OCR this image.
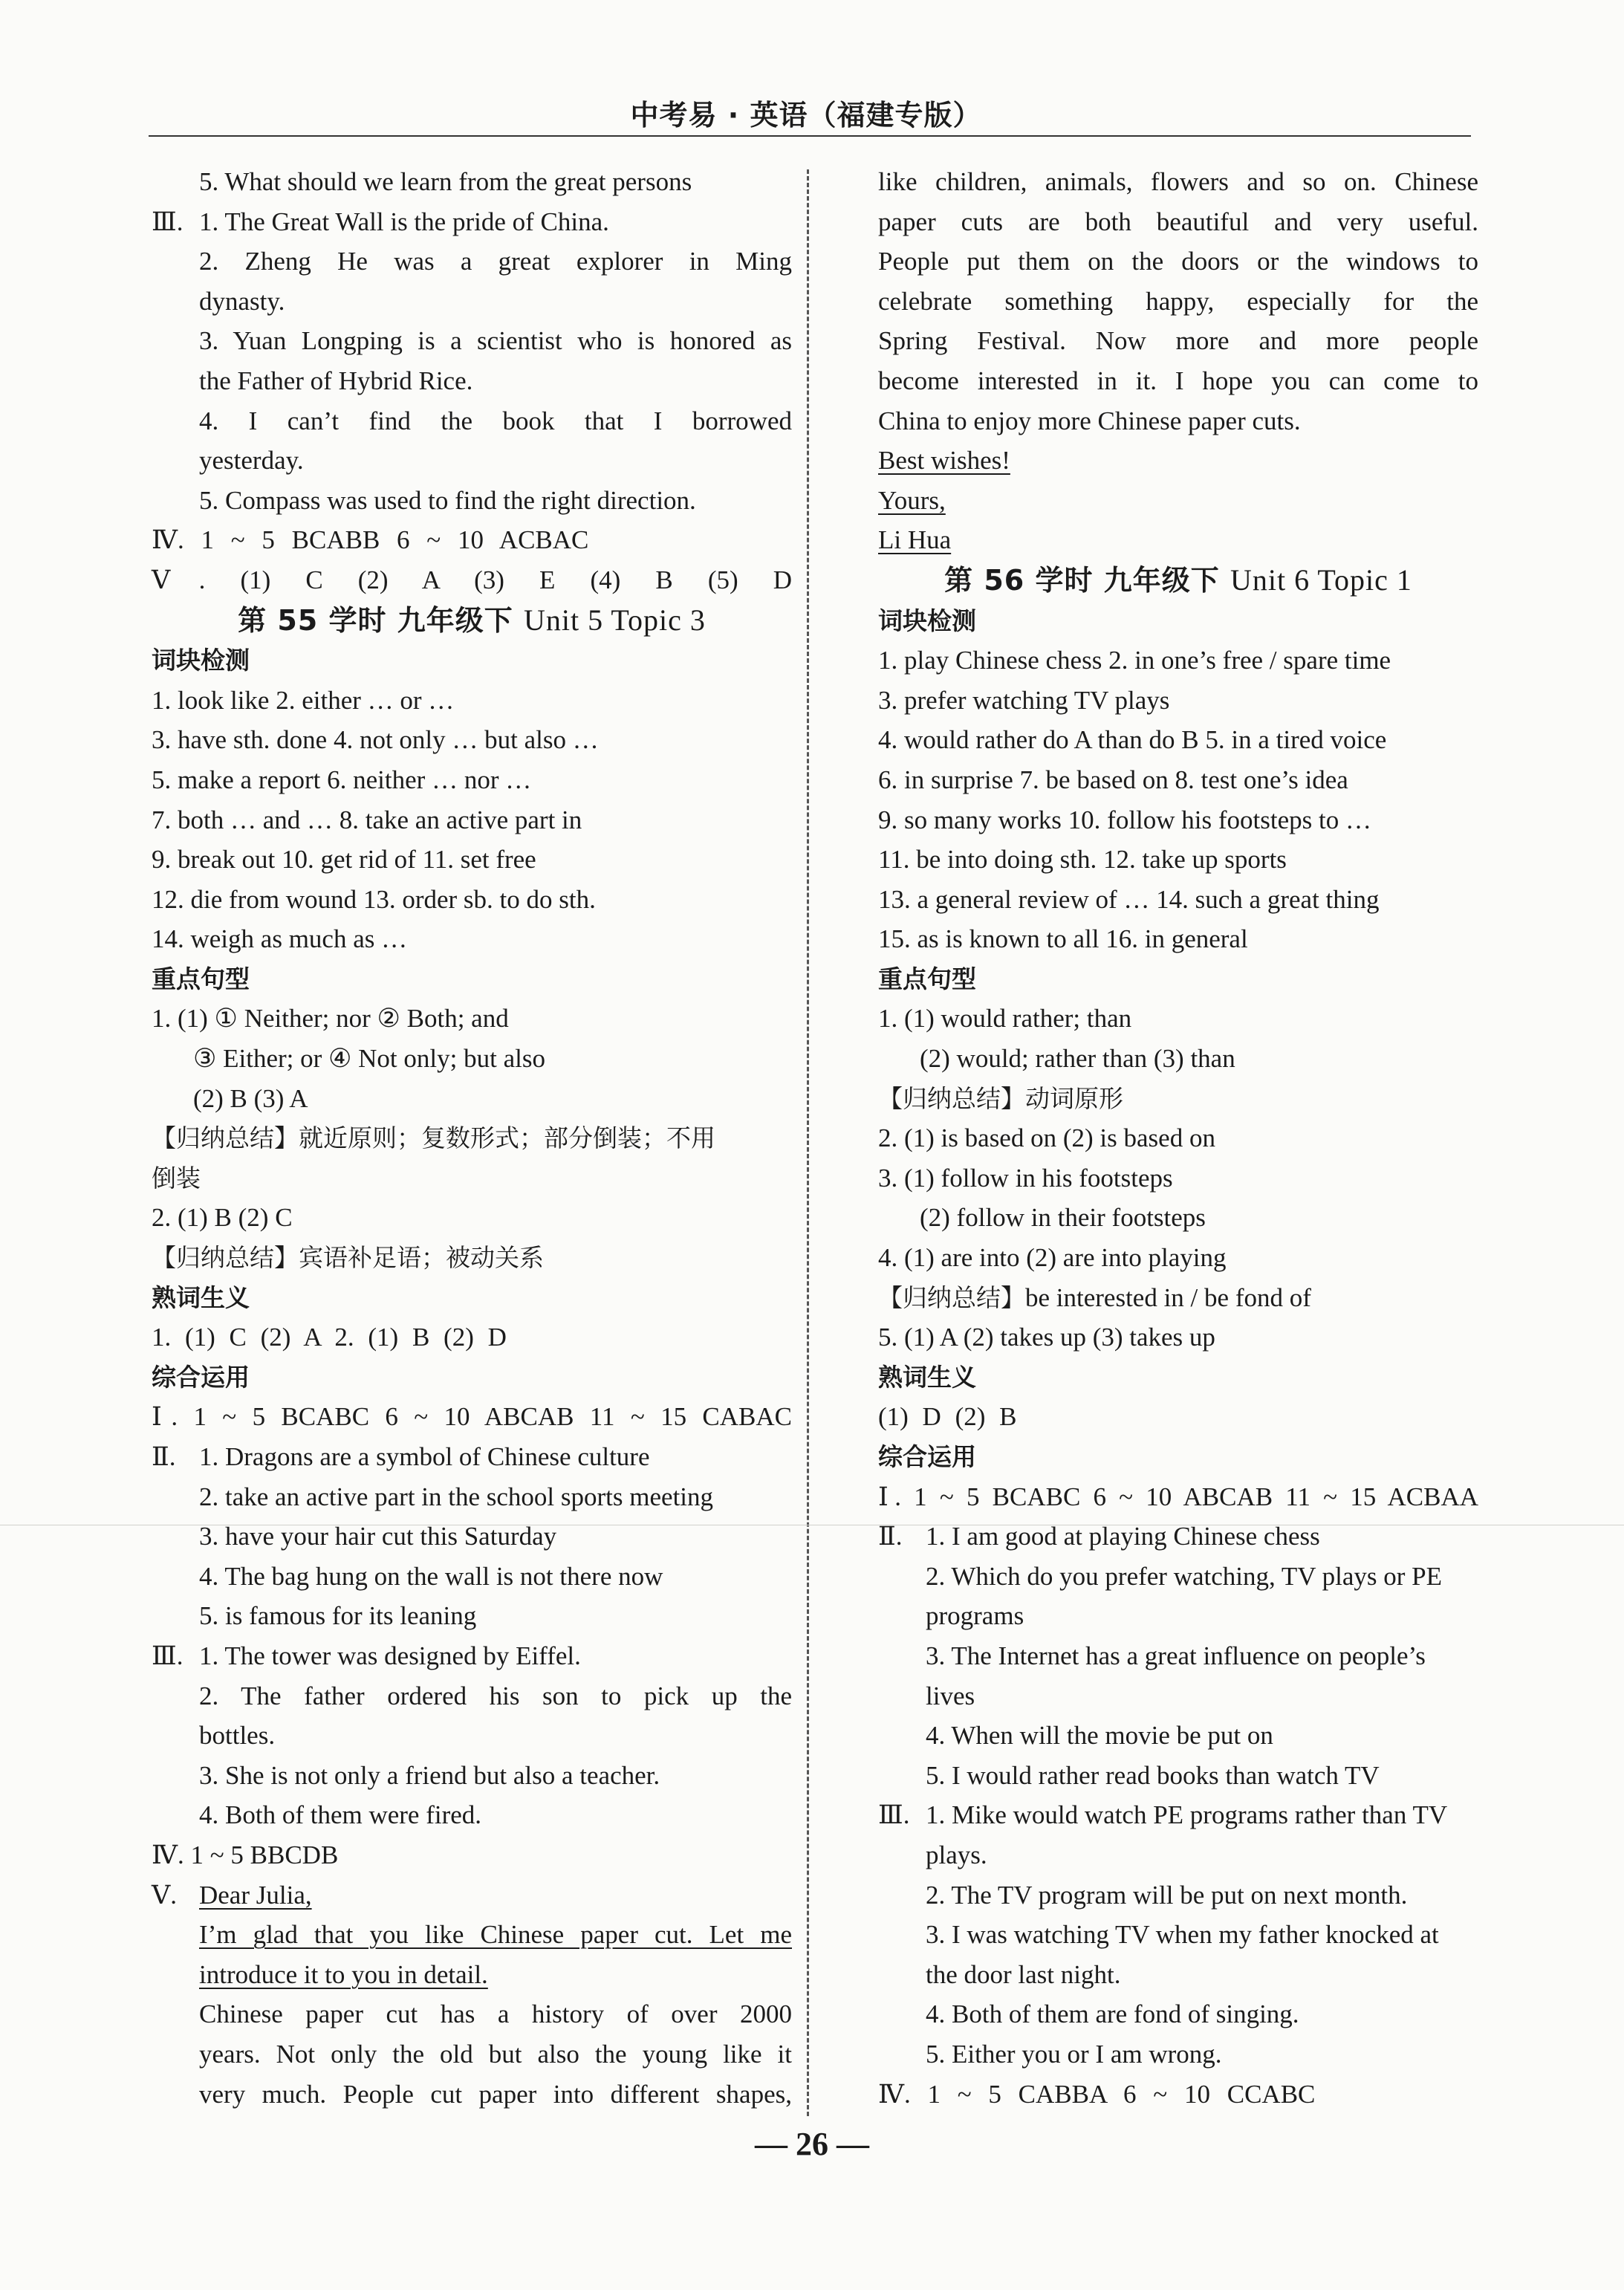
中考易 · 英语（福建专版）
5. What should we learn from the great persons
Ⅲ. 1. The Great Wall is the pride of China.
2. Zheng He was a great explorer in Ming
dynasty.
3. Yuan Longping is a scientist who is honored as
the Father of Hybrid Rice.
4. I can’t find the book that I borrowed
yesterday.
5. Compass was used to find the right direction.
Ⅳ. 1 ~ 5 BCABB 6 ~ 10 ACBAC
Ⅴ. (1) C (2) A (3) E (4) B (5) D
第 55 学时 九年级下 Unit 5 Topic 3
词块检测
1. look like 2. either … or …
3. have sth. done 4. not only … but also …
5. make a report 6. neither … nor …
7. both … and … 8. take an active part in
9. break out 10. get rid of 11. set free
12. die from wound 13. order sb. to do sth.
14. weigh as much as …
重点句型
1. (1) ① Neither; nor ② Both; and
③ Either; or ④ Not only; but also
(2) B (3) A
【归纳总结】就近原则；复数形式；部分倒装；不用
倒装
2. (1) B (2) C
【归纳总结】宾语补足语；被动关系
熟词生义
1. (1) C (2) A 2. (1) B (2) D
综合运用
Ⅰ. 1 ~ 5 BCABC 6 ~ 10 ABCAB 11 ~ 15 CABAC
Ⅱ. 1. Dragons are a symbol of Chinese culture
2. take an active part in the school sports meeting
3. have your hair cut this Saturday
4. The bag hung on the wall is not there now
5. is famous for its leaning
Ⅲ. 1. The tower was designed by Eiffel.
2. The father ordered his son to pick up the
bottles.
3. She is not only a friend but also a teacher.
4. Both of them were fired.
Ⅳ. 1 ~ 5 BBCDB
Ⅴ. Dear Julia,
I’m glad that you like Chinese paper cut. Let me
introduce it to you in detail.
Chinese paper cut has a history of over 2000
years. Not only the old but also the young like it
very much. People cut paper into different shapes,
like children, animals, flowers and so on. Chinese
paper cuts are both beautiful and very useful.
People put them on the doors or the windows to
celebrate something happy, especially for the
Spring Festival. Now more and more people
become interested in it. I hope you can come to
China to enjoy more Chinese paper cuts.
Best wishes!
Yours,
Li Hua
第 56 学时 九年级下 Unit 6 Topic 1
词块检测
1. play Chinese chess 2. in one’s free / spare time
3. prefer watching TV plays
4. would rather do A than do B 5. in a tired voice
6. in surprise 7. be based on 8. test one’s idea
9. so many works 10. follow his footsteps to …
11. be into doing sth. 12. take up sports
13. a general review of … 14. such a great thing
15. as is known to all 16. in general
重点句型
1. (1) would rather; than
(2) would; rather than (3) than
【归纳总结】动词原形
2. (1) is based on (2) is based on
3. (1) follow in his footsteps
(2) follow in their footsteps
4. (1) are into (2) are into playing
【归纳总结】be interested in / be fond of
5. (1) A (2) takes up (3) takes up
熟词生义
(1) D (2) B
综合运用
Ⅰ. 1 ~ 5 BCABC 6 ~ 10 ABCAB 11 ~ 15 ACBAA
Ⅱ. 1. I am good at playing Chinese chess
2. Which do you prefer watching, TV plays or PE
programs
3. The Internet has a great influence on people’s
lives
4. When will the movie be put on
5. I would rather read books than watch TV
Ⅲ. 1. Mike would watch PE programs rather than TV
plays.
2. The TV program will be put on next month.
3. I was watching TV when my father knocked at
the door last night.
4. Both of them are fond of singing.
5. Either you or I am wrong.
Ⅳ. 1 ~ 5 CABBA 6 ~ 10 CCABC
— 26 —
